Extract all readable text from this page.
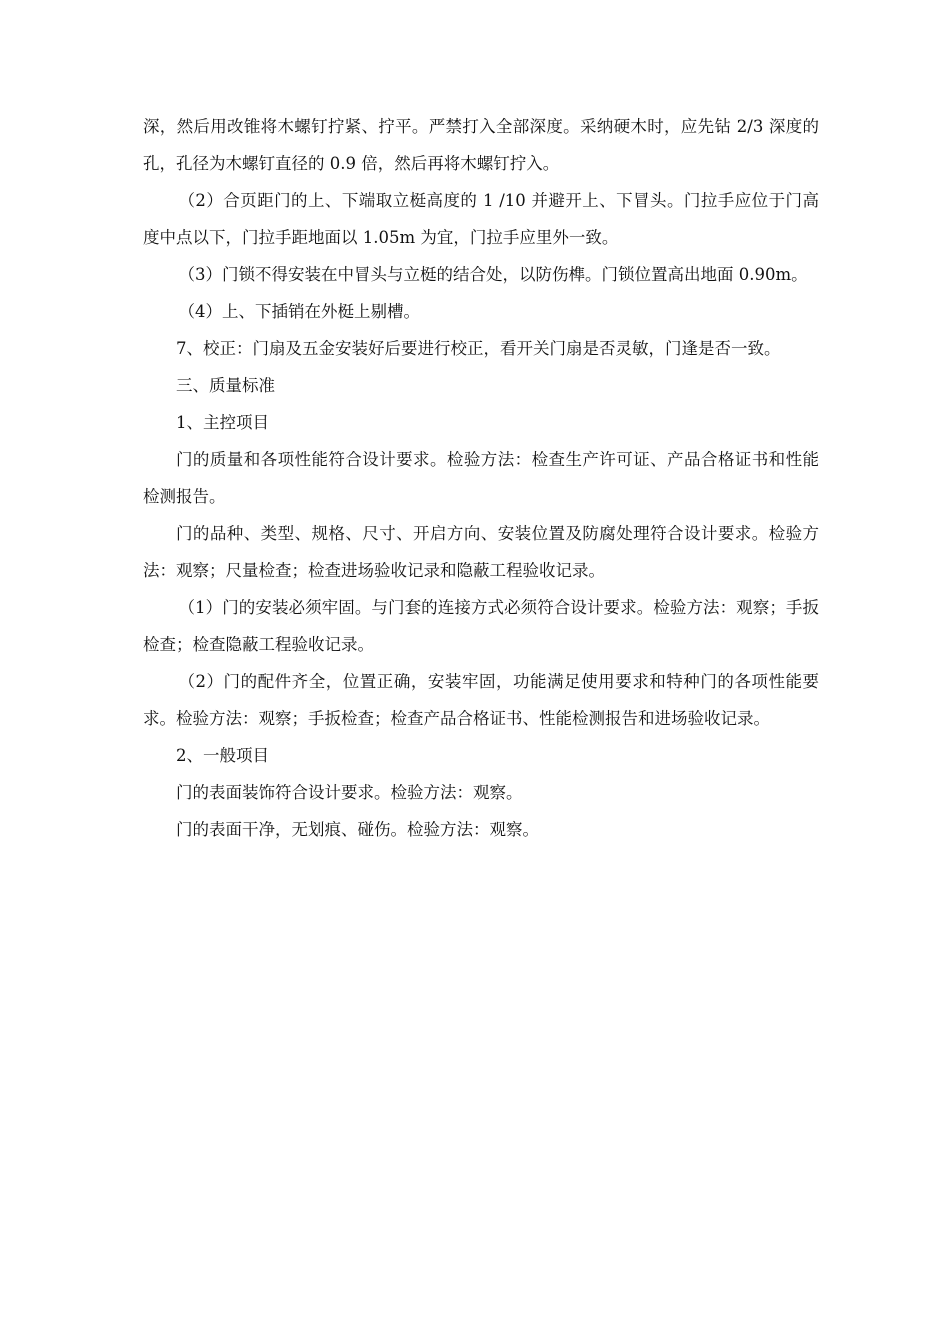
深，然后用改锥将木螺钉拧紧、拧平。严禁打入全部深度。采纳硬木时，应先钻 2/3 深度的孔，孔径为木螺钉直径的 0.9 倍，然后再将木螺钉拧入。

（2）合页距门的上、下端取立梃高度的 1 /10 并避开上、下冒头。门拉手应位于门高度中点以下，门拉手距地面以 1.05m 为宜，门拉手应里外一致。

（3）门锁不得安装在中冒头与立梃的结合处，以防伤榫。门锁位置高出地面 0.90m。

（4）上、下插销在外梃上剔槽。

7、校正：门扇及五金安装好后要进行校正，看开关门扇是否灵敏，门逢是否一致。

三、质量标准

1、主控项目

门的质量和各项性能符合设计要求。检验方法：检查生产许可证、产品合格证书和性能检测报告。

门的品种、类型、规格、尺寸、开启方向、安装位置及防腐处理符合设计要求。检验方法：观察；尺量检查；检查进场验收记录和隐蔽工程验收记录。

（1）门的安装必须牢固。与门套的连接方式必须符合设计要求。检验方法：观察；手扳检查；检查隐蔽工程验收记录。

（2）门的配件齐全，位置正确，安装牢固，功能满足使用要求和特种门的各项性能要求。检验方法：观察；手扳检查；检查产品合格证书、性能检测报告和进场验收记录。

2、一般项目

门的表面装饰符合设计要求。检验方法：观察。

门的表面干净，无划痕、碰伤。检验方法：观察。
